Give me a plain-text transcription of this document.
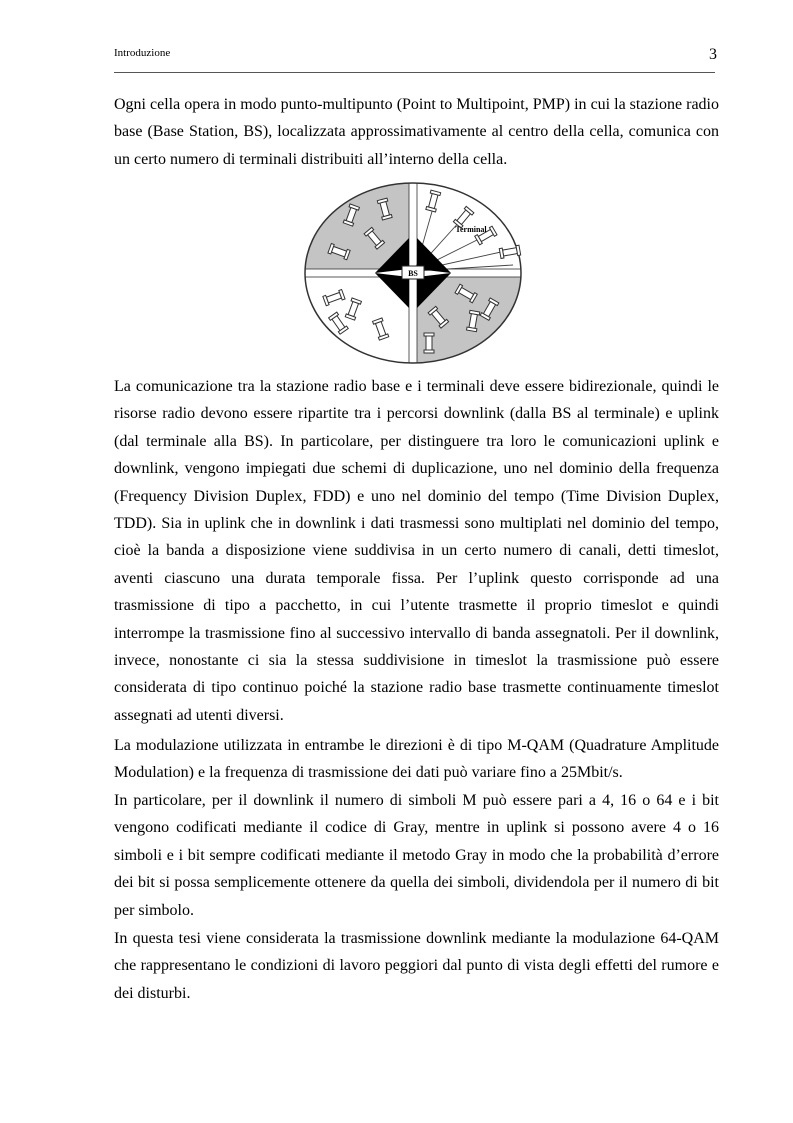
Introduzione	3

Ogni cella opera in modo punto-multipunto (Point to Multipoint, PMP) in cui la stazione radio base (Base Station, BS), localizzata approssimativamente al centro della cella, comunica con un certo numero di terminali distribuiti all’interno della cella.

BS
Terminal

La comunicazione tra la stazione radio base e i terminali deve essere bidirezionale, quindi le risorse radio devono essere ripartite tra i percorsi downlink (dalla BS al terminale) e uplink (dal terminale alla BS). In particolare, per distinguere tra loro le comunicazioni uplink e downlink, vengono impiegati due schemi di duplicazione, uno nel dominio della frequenza (Frequency Division Duplex, FDD) e uno nel dominio del tempo (Time Division Duplex, TDD). Sia in uplink che in downlink i dati trasmessi sono multiplati nel dominio del tempo, cioè la banda a disposizione viene suddivisa in un certo numero di canali, detti timeslot, aventi ciascuno una durata temporale fissa. Per l’uplink questo corrisponde ad una trasmissione di tipo a pacchetto, in cui l’utente trasmette il proprio timeslot e quindi interrompe la trasmissione fino al successivo intervallo di banda assegnatoli. Per il downlink, invece, nonostante ci sia la stessa suddivisione in timeslot la trasmissione può essere considerata di tipo continuo poiché la stazione radio base trasmette continuamente timeslot assegnati ad utenti diversi.

La modulazione utilizzata in entrambe le direzioni è di tipo M-QAM (Quadrature Amplitude Modulation) e la frequenza di trasmissione dei dati può variare fino a 25Mbit/s.

In particolare, per il downlink il numero di simboli M può essere pari a 4, 16 o 64 e i bit vengono codificati mediante il codice di Gray, mentre in uplink si possono avere 4 o 16 simboli e i bit sempre codificati mediante il metodo Gray in modo che la probabilità d’errore dei bit si possa semplicemente ottenere da quella dei simboli, dividendola per il numero di bit per simbolo.

In questa tesi viene considerata la trasmissione downlink mediante la modulazione 64-QAM che rappresentano le condizioni di lavoro peggiori dal punto di vista degli effetti del rumore e dei disturbi.
